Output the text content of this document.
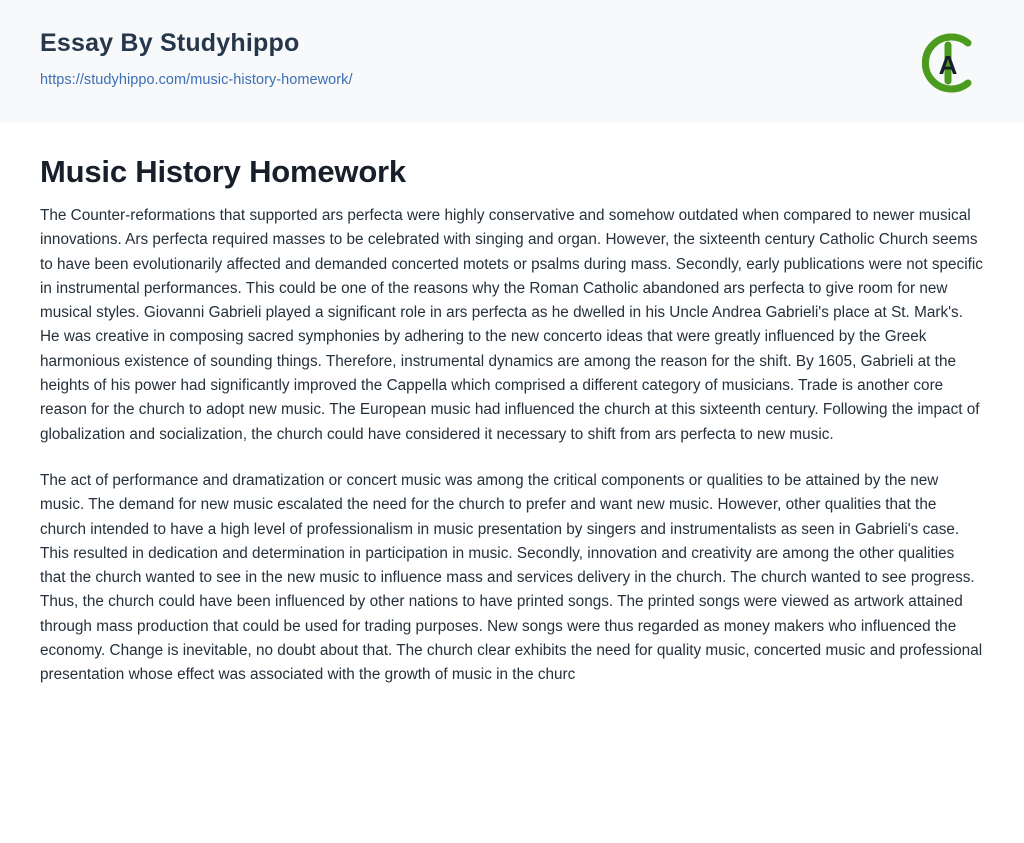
Essay By Studyhippo
https://studyhippo.com/music-history-homework/	A
Music History Homework

The Counter-reformations that supported ars perfecta were highly conservative and somehow outdated when compared to newer musical innovations. Ars perfecta required masses to be celebrated with singing and organ. However, the sixteenth century Catholic Church seems to have been evolutionarily affected and demanded concerted motets or psalms during mass. Secondly, early publications were not specific in instrumental performances. This could be one of the reasons why the Roman Catholic abandoned ars perfecta to give room for new musical styles. Giovanni Gabrieli played a significant role in ars perfecta as he dwelled in his Uncle Andrea Gabrieli's place at St. Mark's. He was creative in composing sacred symphonies by adhering to the new concerto ideas that were greatly influenced by the Greek harmonious existence of sounding things. Therefore, instrumental dynamics are among the reason for the shift. By 1605, Gabrieli at the heights of his power had significantly improved the Cappella which comprised a different category of musicians. Trade is another core reason for the church to adopt new music. The European music had influenced the church at this sixteenth century. Following the impact of globalization and socialization, the church could have considered it necessary to shift from ars perfecta to new music.

The act of performance and dramatization or concert music was among the critical components or qualities to be attained by the new music. The demand for new music escalated the need for the church to prefer and want new music. However, other qualities that the church intended to have a high level of professionalism in music presentation by singers and instrumentalists as seen in Gabrieli's case. This resulted in dedication and determination in participation in music. Secondly, innovation and creativity are among the other qualities that the church wanted to see in the new music to influence mass and services delivery in the church. The church wanted to see progress. Thus, the church could have been influenced by other nations to have printed songs. The printed songs were viewed as artwork attained through mass production that could be used for trading purposes. New songs were thus regarded as money makers who influenced the economy. Change is inevitable, no doubt about that. The church clear exhibits the need for quality music, concerted music and professional presentation whose effect was associated with the growth of music in the churc
